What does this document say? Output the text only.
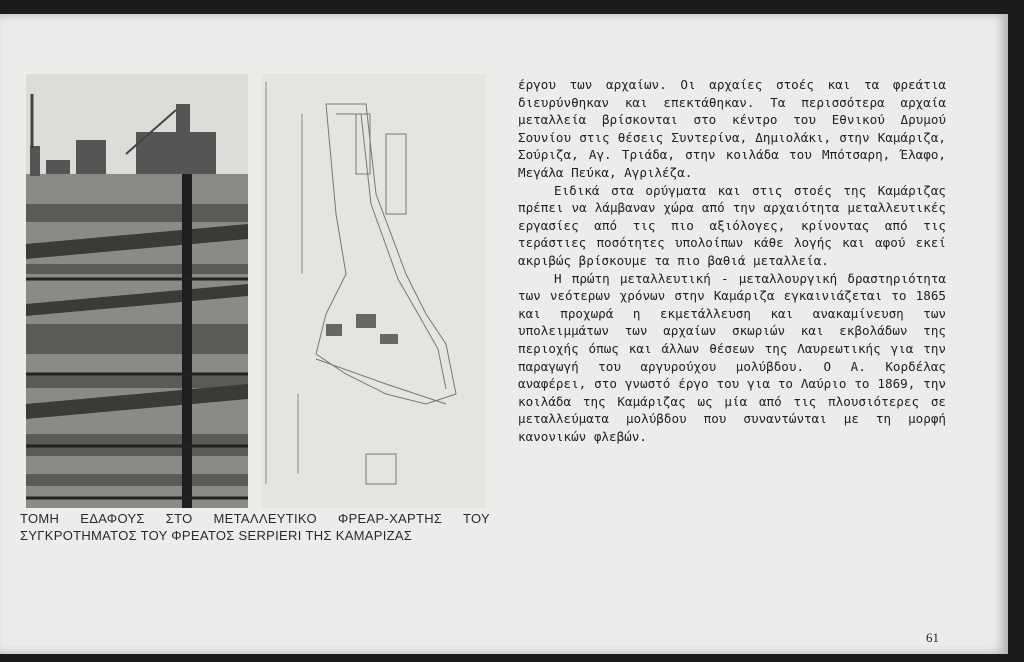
ΤΟΜΗ ΕΔΑΦΟΥΣ ΣΤΟ ΜΕΤΑΛΛΕΥΤΙΚΟ ΦΡΕΑΡ-ΧΑΡΤΗΣ ΤΟΥ ΣΥΓΚΡΟΤΗΜΑΤΟΣ ΤΟΥ ΦΡΕΑΤΟΣ SERPIERI ΤΗΣ ΚΑΜΑΡΙΖΑΣ

έργου των αρχαίων. Οι αρχαίες στοές και τα φρεάτια διευρύνθηκαν και επεκτάθηκαν. Τα περισσότερα αρχαία μεταλλεία βρίσκονται στο κέντρο του Εθνικού Δρυμού Σουνίου στις θέσεις Συντερίνα, Δημιολάκι, στην Καμάριζα, Σούριζα, Αγ. Τριάδα, στην κοιλάδα του Μπότσαρη, Έλαφο, Μεγάλα Πεύκα, Αγριλέζα.

Ειδικά στα ορύγματα και στις στοές της Καμάριζας πρέπει να λάμβαναν χώρα από την αρχαιότητα μεταλλευτικές εργασίες από τις πιο αξιόλογες, κρίνοντας από τις τεράστιες ποσότητες υπολοίπων κάθε λογής και αφού εκεί ακριβώς βρίσκουμε τα πιο βαθιά μεταλλεία.

Η πρώτη μεταλλευτική - μεταλλουργική δραστηριότητα των νεότερων χρόνων στην Καμάριζα εγκαινιάζεται το 1865 και προχωρά η εκμετάλλευση και ανακαμίνευση των υπολειμμάτων των αρχαίων σκωριών και εκβολάδων της περιοχής όπως και άλλων θέσεων της Λαυρεωτικής για την παραγωγή του αργυρούχου μολύβδου. Ο Α. Κορδέλας αναφέρει, στο γνωστό έργο του για το Λαύριο το 1869, την κοιλάδα της Καμάριζας ως μία από τις πλουσιότερες σε μεταλλεύματα μολύβδου που συναντώνται με τη μορφή κανονικών φλεβών.

61
